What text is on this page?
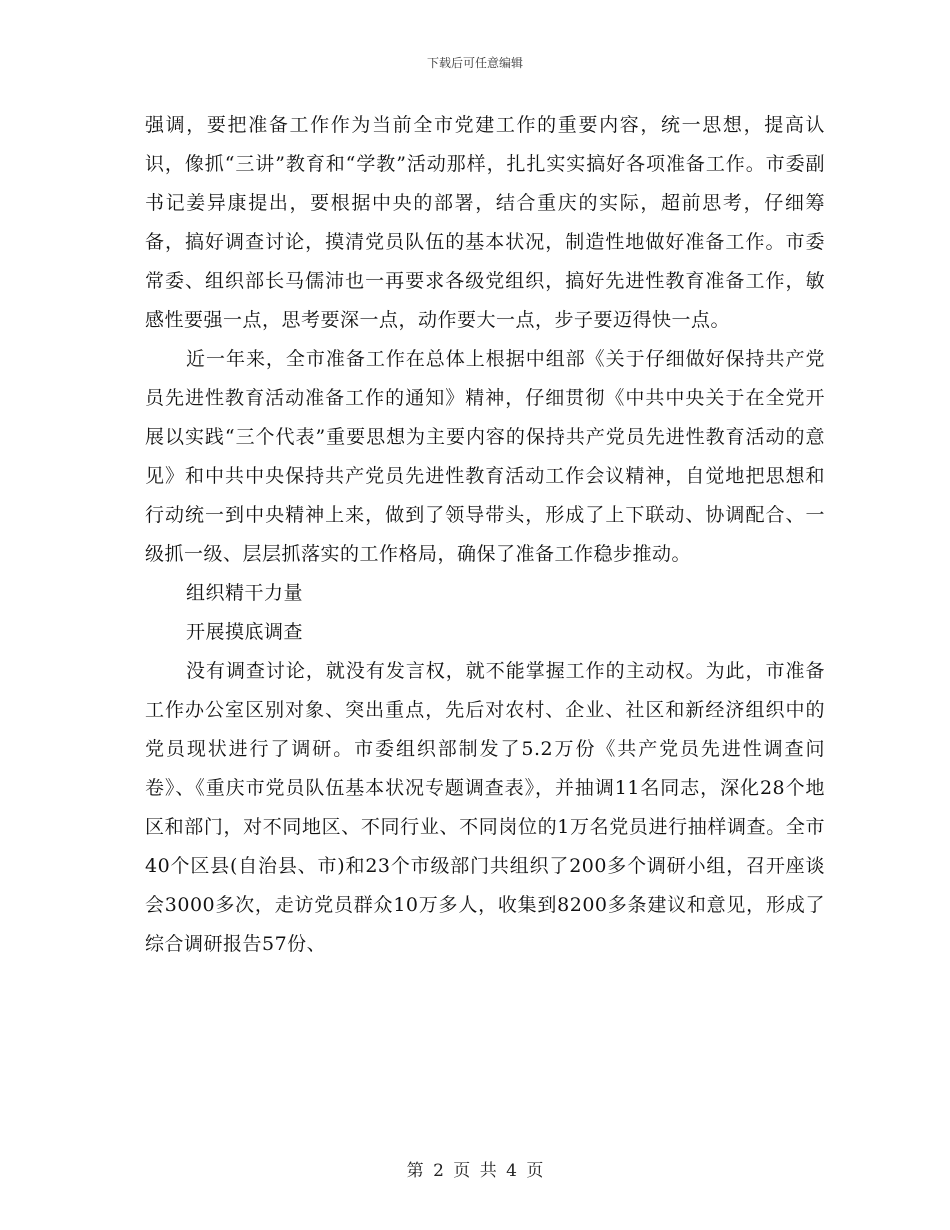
下载后可任意编辑

强调，要把准备工作作为当前全市党建工作的重要内容，统一思想，提高认识，像抓“三讲”教育和“学教”活动那样，扎扎实实搞好各项准备工作。市委副书记姜异康提出，要根据中央的部署，结合重庆的实际，超前思考，仔细筹备，搞好调查讨论，摸清党员队伍的基本状况，制造性地做好准备工作。市委常委、组织部长马儒沛也一再要求各级党组织，搞好先进性教育准备工作，敏感性要强一点，思考要深一点，动作要大一点，步子要迈得快一点。

近一年来，全市准备工作在总体上根据中组部《关于仔细做好保持共产党员先进性教育活动准备工作的通知》精神，仔细贯彻《中共中央关于在全党开展以实践“三个代表”重要思想为主要内容的保持共产党员先进性教育活动的意见》和中共中央保持共产党员先进性教育活动工作会议精神，自觉地把思想和行动统一到中央精神上来，做到了领导带头，形成了上下联动、协调配合、一级抓一级、层层抓落实的工作格局，确保了准备工作稳步推动。

组织精干力量

开展摸底调查

没有调查讨论，就没有发言权，就不能掌握工作的主动权。为此，市准备工作办公室区别对象、突出重点，先后对农村、企业、社区和新经济组织中的党员现状进行了调研。市委组织部制发了5.2万份《共产党员先进性调查问卷》、《重庆市党员队伍基本状况专题调查表》，并抽调11名同志，深化28个地区和部门，对不同地区、不同行业、不同岗位的1万名党员进行抽样调查。全市40个区县(自治县、市)和23个市级部门共组织了200多个调研小组，召开座谈会3000多次，走访党员群众10万多人，收集到8200多条建议和意见，形成了综合调研报告57份、

第 2 页 共 4 页
